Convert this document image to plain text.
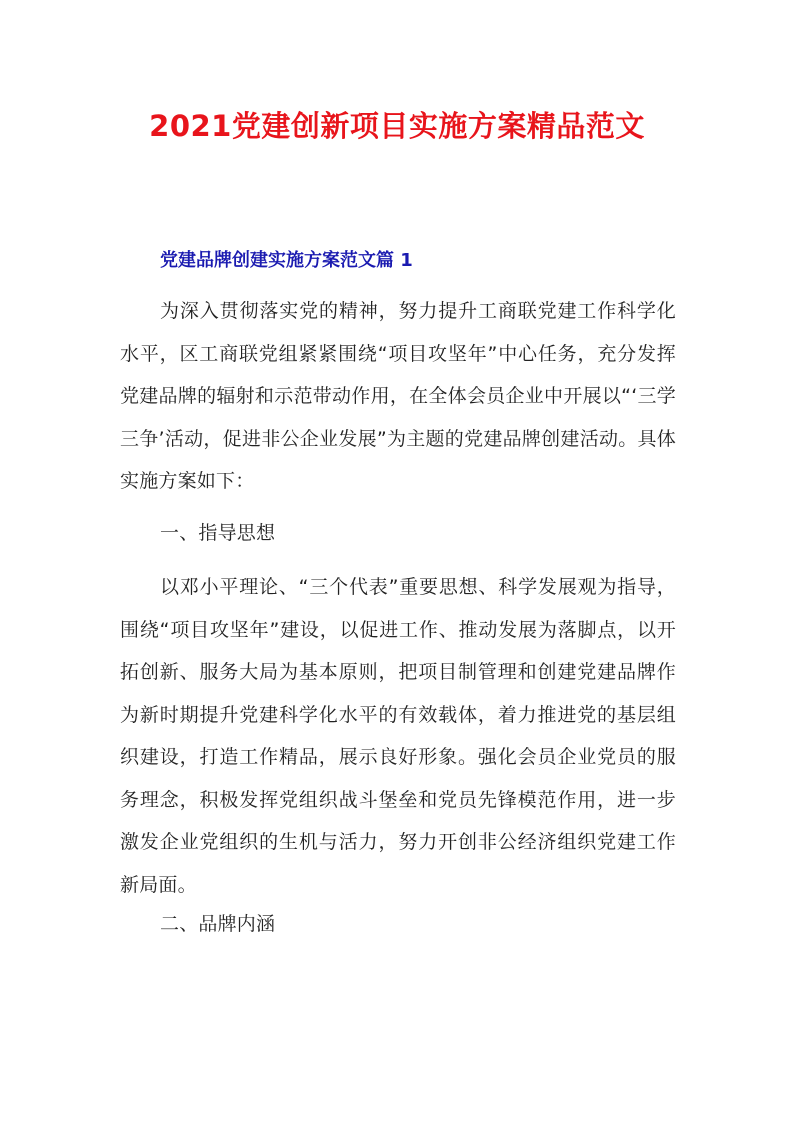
2021党建创新项目实施方案精品范文
党建品牌创建实施方案范文篇 1

为深入贯彻落实党的精神，努力提升工商联党建工作科学化水平，区工商联党组紧紧围绕“项目攻坚年”中心任务，充分发挥党建品牌的辐射和示范带动作用，在全体会员企业中开展以“‘三学三争’活动，促进非公企业发展”为主题的党建品牌创建活动。具体实施方案如下：

一、指导思想

以邓小平理论、“三个代表”重要思想、科学发展观为指导，围绕“项目攻坚年”建设，以促进工作、推动发展为落脚点，以开拓创新、服务大局为基本原则，把项目制管理和创建党建品牌作为新时期提升党建科学化水平的有效载体，着力推进党的基层组织建设，打造工作精品，展示良好形象。强化会员企业党员的服务理念，积极发挥党组织战斗堡垒和党员先锋模范作用，进一步激发企业党组织的生机与活力，努力开创非公经济组织党建工作新局面。

二、品牌内涵
